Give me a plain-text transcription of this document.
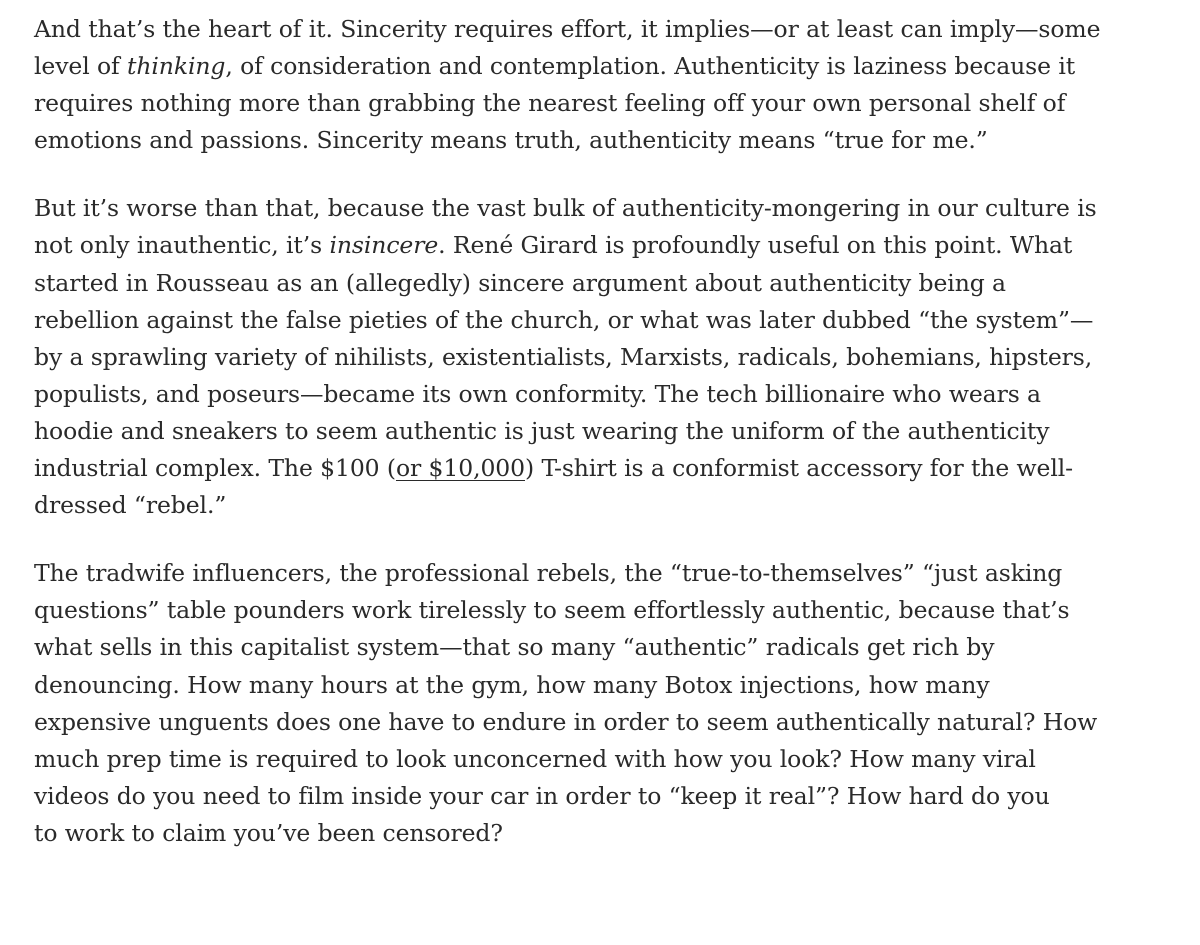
And that’s the heart of it. Sincerity requires effort, it implies—or at least can imply—some
level of thinking, of consideration and contemplation. Authenticity is laziness because it
requires nothing more than grabbing the nearest feeling off your own personal shelf of
emotions and passions. Sincerity means truth, authenticity means “true for me.”

But it’s worse than that, because the vast bulk of authenticity-mongering in our culture is
not only inauthentic, it’s insincere. René Girard is profoundly useful on this point. What
started in Rousseau as an (allegedly) sincere argument about authenticity being a
rebellion against the false pieties of the church, or what was later dubbed “the system”—
by a sprawling variety of nihilists, existentialists, Marxists, radicals, bohemians, hipsters,
populists, and poseurs—became its own conformity. The tech billionaire who wears a
hoodie and sneakers to seem authentic is just wearing the uniform of the authenticity
industrial complex. The $100 (or $10,000) T-shirt is a conformist accessory for the well-
dressed “rebel.”

The tradwife influencers, the professional rebels, the “true-to-themselves” “just asking
questions” table pounders work tirelessly to seem effortlessly authentic, because that’s
what sells in this capitalist system—that so many “authentic” radicals get rich by
denouncing. How many hours at the gym, how many Botox injections, how many
expensive unguents does one have to endure in order to seem authentically natural? How
much prep time is required to look unconcerned with how you look? How many viral
videos do you need to film inside your car in order to “keep it real”? How hard do you
to work to claim you’ve been censored?
